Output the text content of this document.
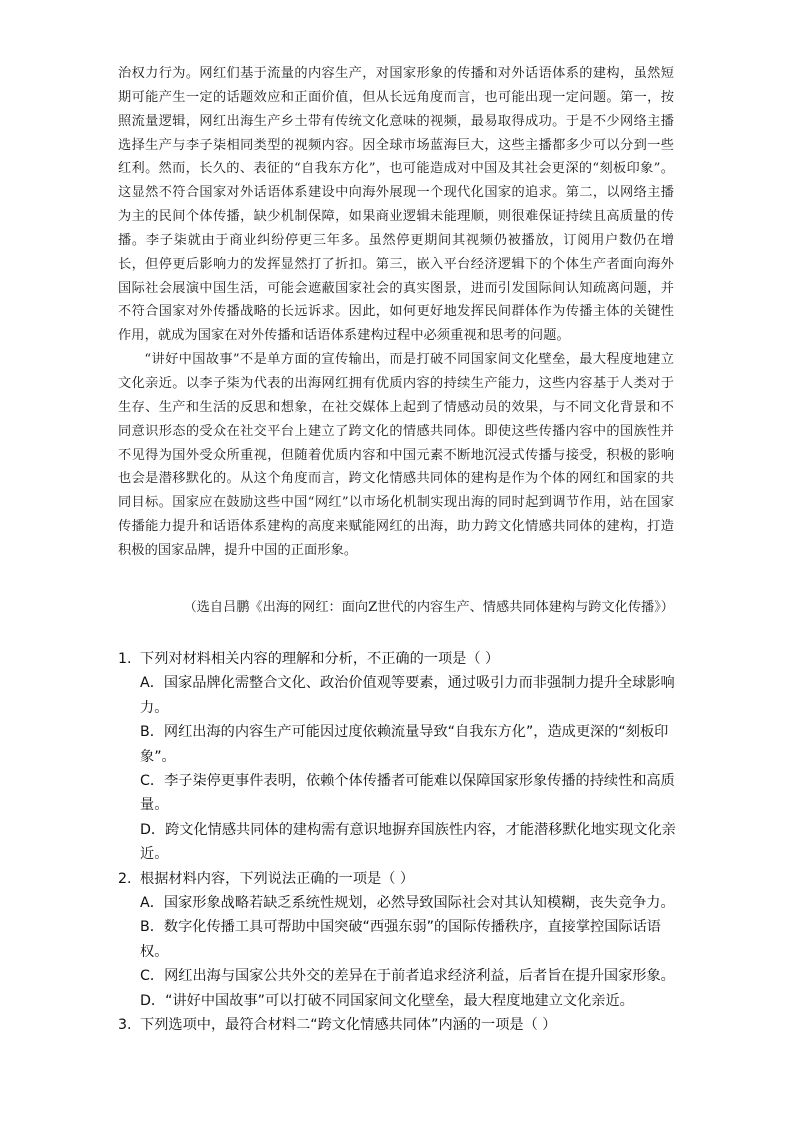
治权力行为。网红们基于流量的内容生产，对国家形象的传播和对外话语体系的建构，虽然短期可能产生一定的话题效应和正面价值，但从长远角度而言，也可能出现一定问题。第一，按照流量逻辑，网红出海生产乡土带有传统文化意味的视频，最易取得成功。于是不少网络主播选择生产与李子柒相同类型的视频内容。因全球市场蓝海巨大，这些主播都多少可以分到一些红利。然而，长久的、表征的“自我东方化”，也可能造成对中国及其社会更深的“刻板印象”。这显然不符合国家对外话语体系建设中向海外展现一个现代化国家的追求。第二，以网络主播为主的民间个体传播，缺少机制保障，如果商业逻辑未能理顺，则很难保证持续且高质量的传播。李子柒就由于商业纠纷停更三年多。虽然停更期间其视频仍被播放，订阅用户数仍在增长，但停更后影响力的发挥显然打了折扣。第三，嵌入平台经济逻辑下的个体生产者面向海外国际社会展演中国生活，可能会遮蔽国家社会的真实图景，进而引发国际间认知疏离问题，并不符合国家对外传播战略的长远诉求。因此，如何更好地发挥民间群体作为传播主体的关键性作用，就成为国家在对外传播和话语体系建构过程中必须重视和思考的问题。

“讲好中国故事”不是单方面的宣传输出，而是打破不同国家间文化壁垒，最大程度地建立文化亲近。以李子柒为代表的出海网红拥有优质内容的持续生产能力，这些内容基于人类对于生存、生产和生活的反思和想象，在社交媒体上起到了情感动员的效果，与不同文化背景和不同意识形态的受众在社交平台上建立了跨文化的情感共同体。即使这些传播内容中的国族性并不见得为国外受众所重视，但随着优质内容和中国元素不断地沉浸式传播与接受，积极的影响也会是潜移默化的。从这个角度而言，跨文化情感共同体的建构是作为个体的网红和国家的共同目标。国家应在鼓励这些中国“网红”以市场化机制实现出海的同时起到调节作用，站在国家传播能力提升和话语体系建构的高度来赋能网红的出海，助力跨文化情感共同体的建构，打造积极的国家品牌，提升中国的正面形象。

（选自吕鹏《出海的网红：面向Z世代的内容生产、情感共同体建构与跨文化传播》）

1. 下列对材料相关内容的理解和分析，不正确的一项是（ ）

A．国家品牌化需整合文化、政治价值观等要素，通过吸引力而非强制力提升全球影响力。

B．网红出海的内容生产可能因过度依赖流量导致“自我东方化”，造成更深的“刻板印象”。

C．李子柒停更事件表明，依赖个体传播者可能难以保障国家形象传播的持续性和高质量。

D．跨文化情感共同体的建构需有意识地摒弃国族性内容，才能潜移默化地实现文化亲近。

2. 根据材料内容，下列说法正确的一项是（ ）

A．国家形象战略若缺乏系统性规划，必然导致国际社会对其认知模糊，丧失竞争力。

B．数字化传播工具可帮助中国突破“西强东弱”的国际传播秩序，直接掌控国际话语权。

C．网红出海与国家公共外交的差异在于前者追求经济利益，后者旨在提升国家形象。

D．“讲好中国故事”可以打破不同国家间文化壁垒，最大程度地建立文化亲近。

3. 下列选项中，最符合材料二“跨文化情感共同体”内涵的一项是（ ）
